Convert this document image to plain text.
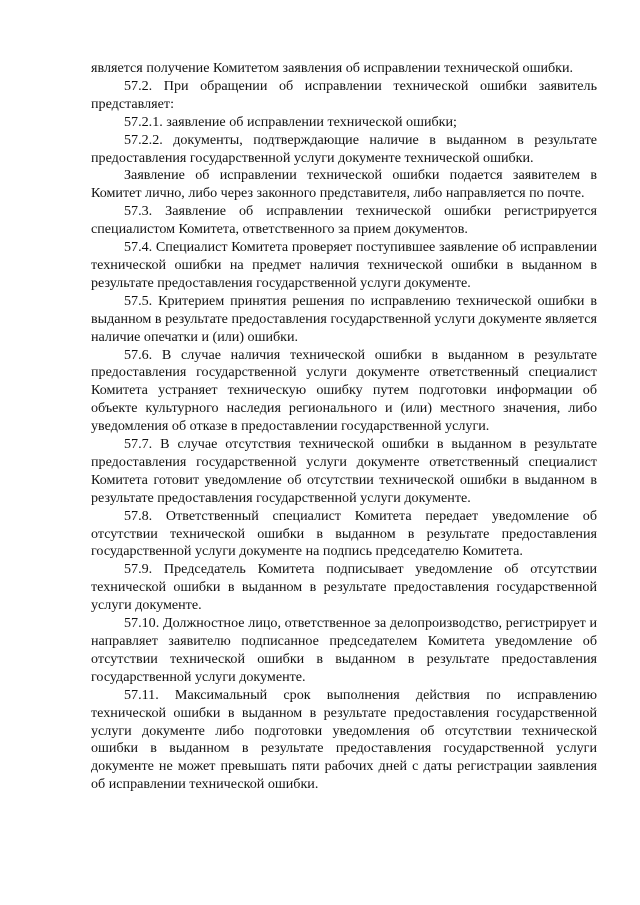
является получение Комитетом заявления об исправлении технической ошибки.

57.2. При обращении об исправлении технической ошибки заявитель представляет:

57.2.1. заявление об исправлении технической ошибки;

57.2.2. документы, подтверждающие наличие в выданном в результате предоставления государственной услуги документе технической ошибки.

Заявление об исправлении технической ошибки подается заявителем в Комитет лично, либо через законного представителя, либо направляется по почте.

57.3. Заявление об исправлении технической ошибки регистрируется специалистом Комитета, ответственного за прием документов.

57.4. Специалист Комитета проверяет поступившее заявление об исправлении технической ошибки на предмет наличия технической ошибки в выданном в результате предоставления государственной услуги документе.

57.5. Критерием принятия решения по исправлению технической ошибки в выданном в результате предоставления государственной услуги документе является наличие опечатки и (или) ошибки.

57.6. В случае наличия технической ошибки в выданном в результате предоставления государственной услуги документе ответственный специалист Комитета устраняет техническую ошибку путем подготовки информации об объекте культурного наследия регионального и (или) местного значения, либо уведомления об отказе в предоставлении государственной услуги.

57.7. В случае отсутствия технической ошибки в выданном в результате предоставления государственной услуги документе ответственный специалист Комитета готовит уведомление об отсутствии технической ошибки в выданном в результате предоставления государственной услуги документе.

57.8. Ответственный специалист Комитета передает уведомление об отсутствии технической ошибки в выданном в результате предоставления государственной услуги документе на подпись председателю Комитета.

57.9. Председатель Комитета подписывает уведомление об отсутствии технической ошибки в выданном в результате предоставления государственной услуги документе.

57.10. Должностное лицо, ответственное за делопроизводство, регистрирует и направляет заявителю подписанное председателем Комитета уведомление об отсутствии технической ошибки в выданном в результате предоставления государственной услуги документе.

57.11. Максимальный срок выполнения действия по исправлению технической ошибки в выданном в результате предоставления государственной услуги документе либо подготовки уведомления об отсутствии технической ошибки в выданном в результате предоставления государственной услуги документе не может превышать пяти рабочих дней с даты регистрации заявления об исправлении технической ошибки.
